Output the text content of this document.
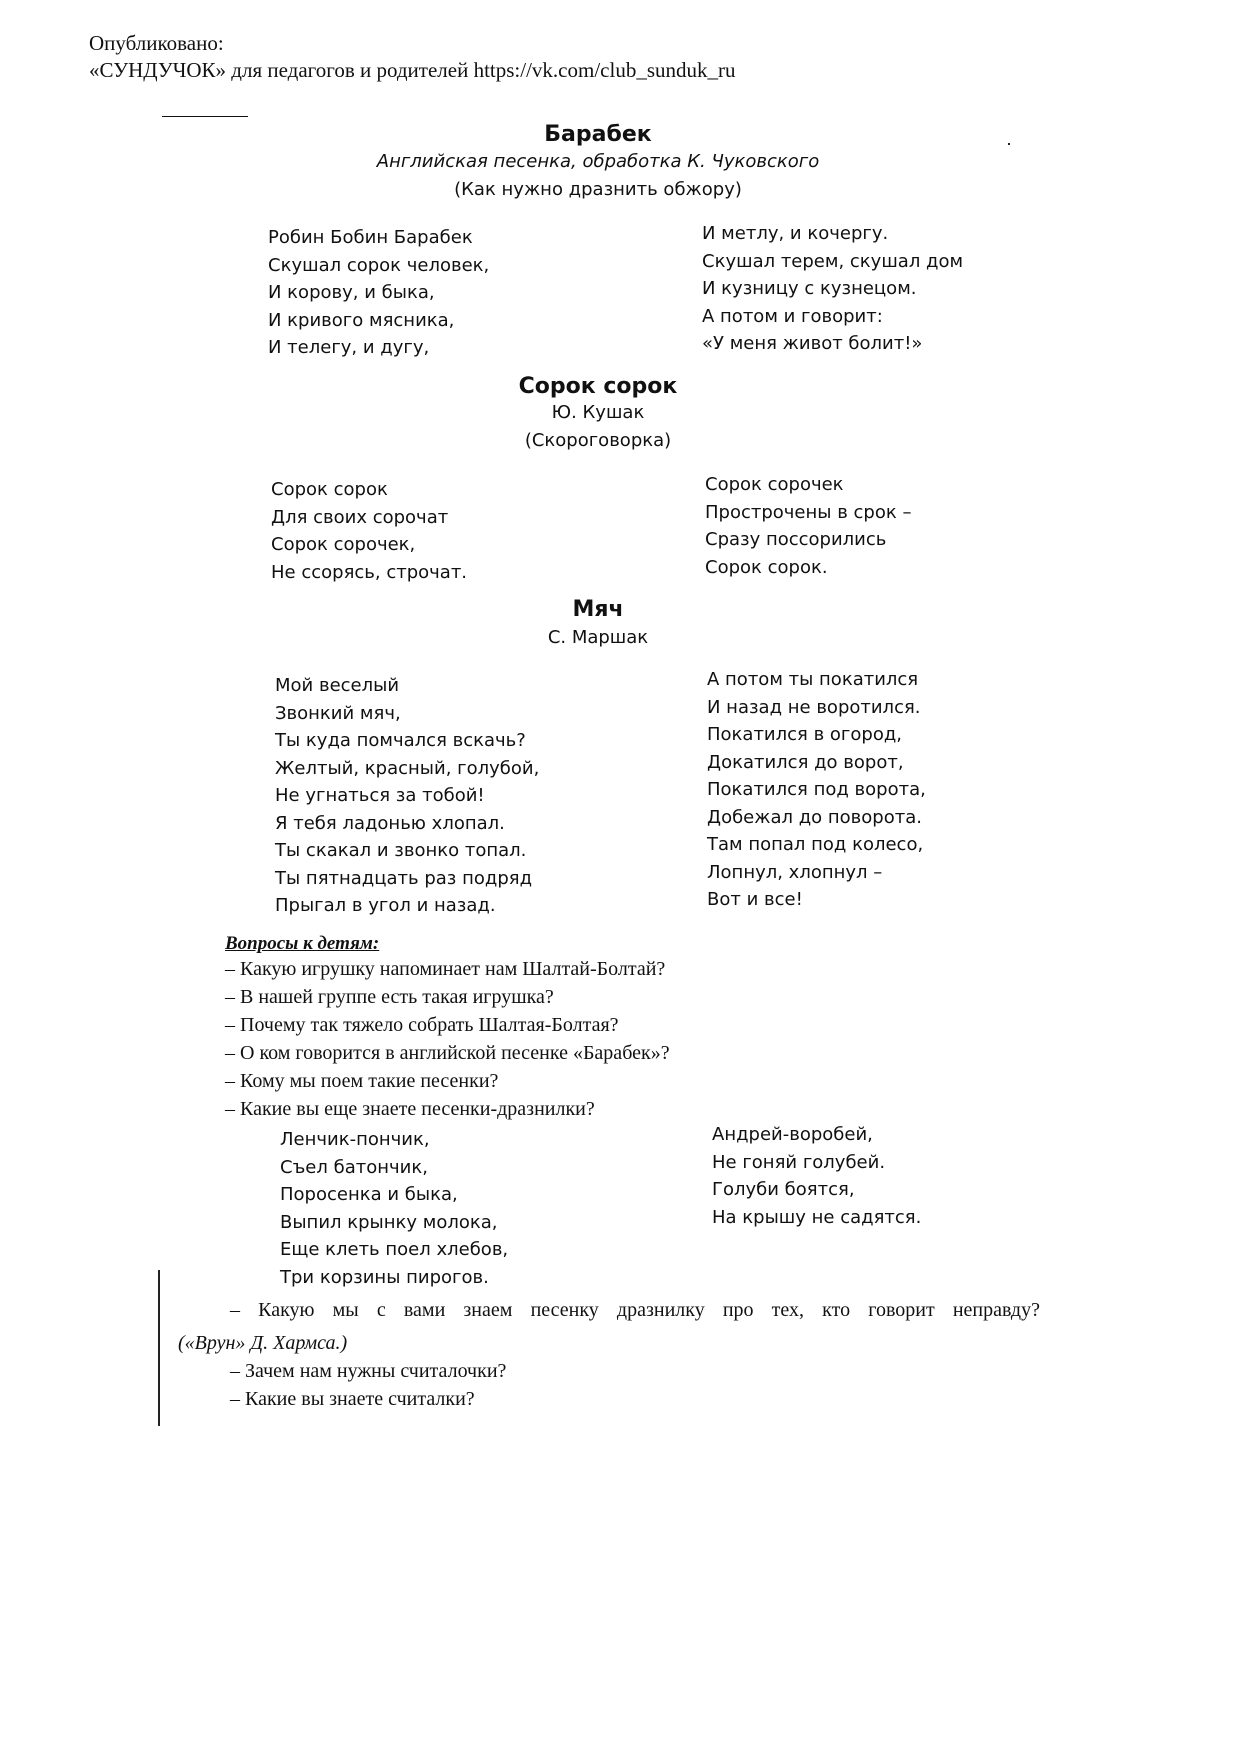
Опубликовано:
«СУНДУЧОК» для педагогов и родителей https://vk.com/club_sunduk_ru
Барабек
Английская песенка, обработка К. Чуковского
(Как нужно дразнить обжору)
Робин Бобин Барабек
Скушал сорок человек,
И корову, и быка,
И кривого мясника,
И телегу, и дугу,
И метлу, и кочергу.
Скушал терем, скушал дом
И кузницу с кузнецом.
А потом и говорит:
«У меня живот болит!»
Сорок сорок
Ю. Кушак
(Скороговорка)
Сорок сорок
Для своих сорочат
Сорок сорочек,
Не ссорясь, строчат.
Сорок сорочек
Прострочены в срок –
Сразу поссорились
Сорок сорок.
Мяч
С. Маршак
Мой веселый
Звонкий мяч,
Ты куда помчался вскачь?
Желтый, красный, голубой,
Не угнаться за тобой!
Я тебя ладонью хлопал.
Ты скакал и звонко топал.
Ты пятнадцать раз подряд
Прыгал в угол и назад.
А потом ты покатился
И назад не воротился.
Покатился в огород,
Докатился до ворот,
Покатился под ворота,
Добежал до поворота.
Там попал под колесо,
Лопнул, хлопнул –
Вот и все!
Вопросы к детям:
– Какую игрушку напоминает нам Шалтай-Болтай?
– В нашей группе есть такая игрушка?
– Почему так тяжело собрать Шалтая-Болтая?
– О ком говорится в английской песенке «Барабек»?
– Кому мы поем такие песенки?
– Какие вы еще знаете песенки-дразнилки?
Ленчик-пончик,
Съел батончик,
Поросенка и быка,
Выпил крынку молока,
Еще клеть поел хлебов,
Три корзины пирогов.
Андрей-воробей,
Не гоняй голубей.
Голуби боятся,
На крышу не садятся.
– Какую мы с вами знаем песенку дразнилку про тех, кто говорит неправду?
(«Врун» Д. Хармса.)
– Зачем нам нужны считалочки?
– Какие вы знаете считалки?
